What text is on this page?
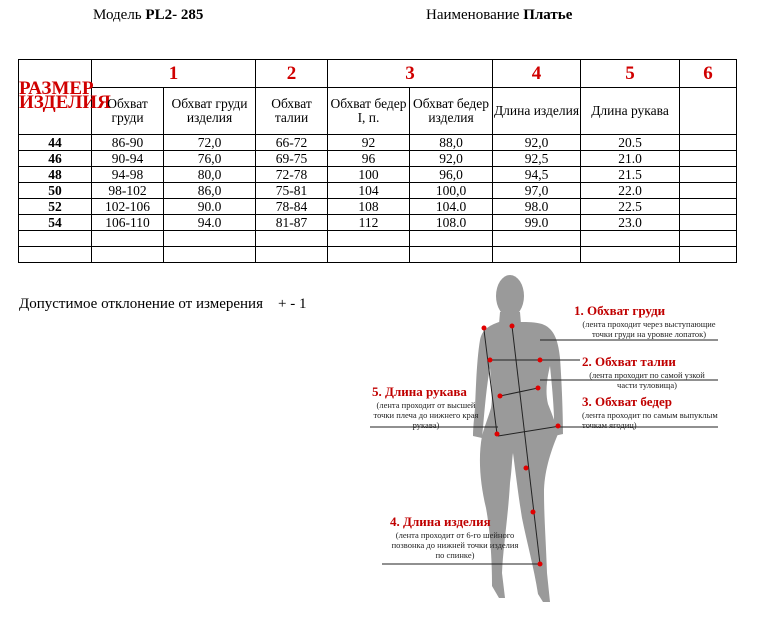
Модель PL2- 285	Наименование Платье
РАЗМЕР ИЗДЕЛИЯ	1		2	3		4	5	6
	Обхват груди	Обхват груди изделия	Обхват талии	Обхват бедер I, п.	Обхват бедер изделия	Длина изделия	Длина рукава	
44	86-90	72,0	66-72	92	88,0	92,0	20.5	
46	90-94	76,0	69-75	96	92,0	92,5	21.0	
48	94-98	80,0	72-78	100	96,0	94,5	21.5	
50	98-102	86,0	75-81	104	100,0	97,0	22.0	
52	102-106	90.0	78-84	108	104.0	98.0	22.5	
54	106-110	94.0	81-87	112	108.0	99.0	23.0	

Допустимое отклонение от измерения + - 1	1. Обхват груди
(лента проходит через выступающие точки груди на уровне лопаток)
2. Обхват талии
(лента проходит по самой узкой части туловища)
3. Обхват бедер
(лента проходит по самым выпуклым точкам ягодиц)
5. Длина рукава
(лента проходит от высшей точки плеча до нижнего края рукава)
4. Длина изделия
(лента проходит от 6-го шейного позвонка до нижней точки изделия по спинке)
